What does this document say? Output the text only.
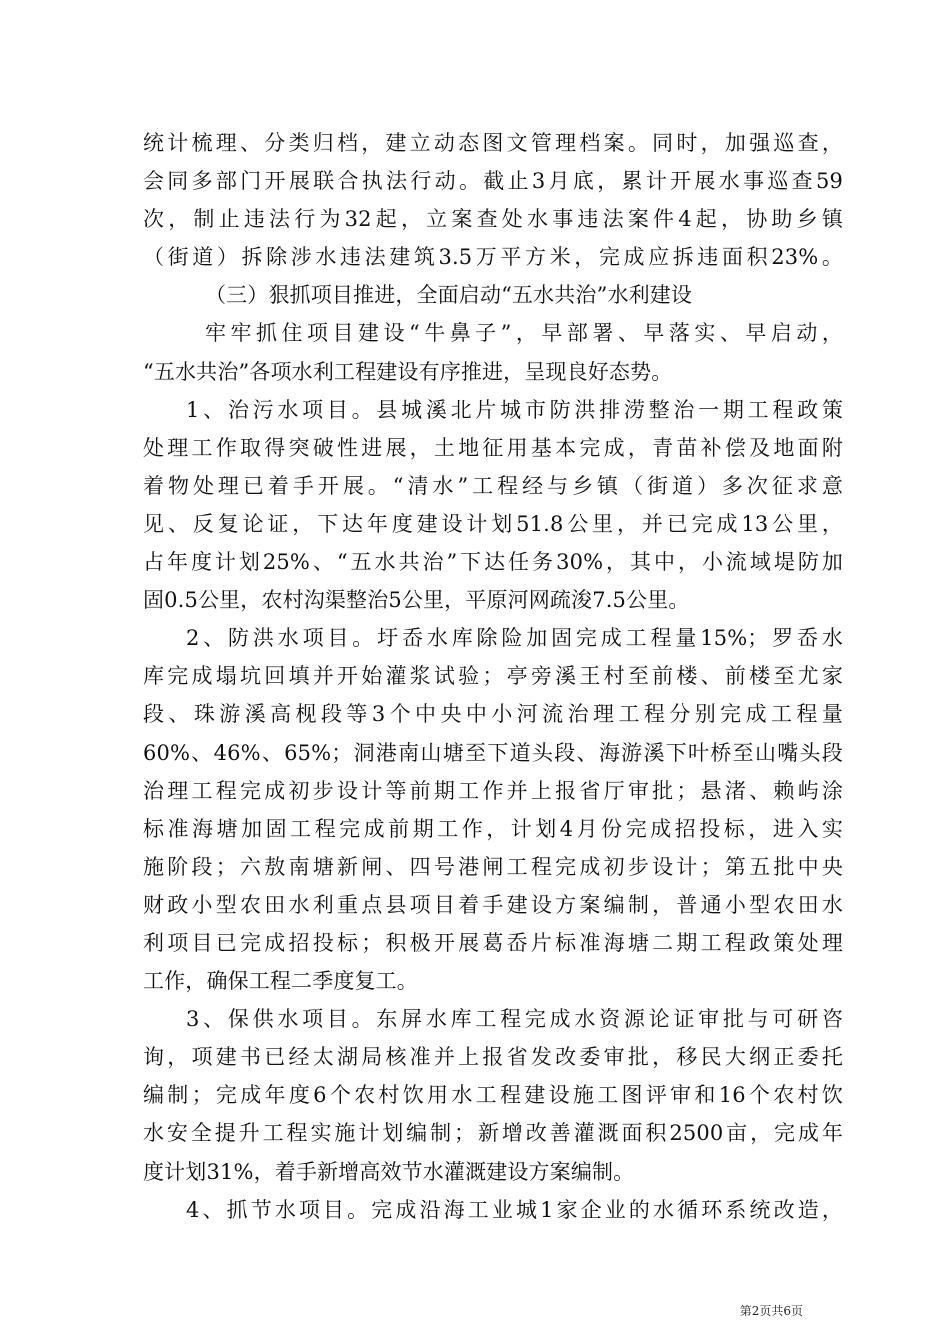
统计梳理、分类归档，建立动态图文管理档案。同时，加强巡查，
会同多部门开展联合执法行动。截止3月底，累计开展水事巡查59
次，制止违法行为32起，立案查处水事违法案件4起，协助乡镇
（街道）拆除涉水违法建筑3.5万平方米，完成应拆违面积23%。
（三）狠抓项目推进，全面启动“五水共治”水利建设
牢牢抓住项目建设“牛鼻子”，早部署、早落实、早启动，
“五水共治”各项水利工程建设有序推进，呈现良好态势。
1、治污水项目。县城溪北片城市防洪排涝整治一期工程政策
处理工作取得突破性进展，土地征用基本完成，青苗补偿及地面附
着物处理已着手开展。“清水”工程经与乡镇（街道）多次征求意
见、反复论证，下达年度建设计划51.8公里，并已完成13公里，
占年度计划25%、“五水共治”下达任务30%，其中，小流域堤防加
固0.5公里，农村沟渠整治5公里，平原河网疏浚7.5公里。
2、防洪水项目。圩岙水库除险加固完成工程量15%；罗岙水
库完成塌坑回填并开始灌浆试验；亭旁溪王村至前楼、前楼至尤家
段、珠游溪高枧段等3个中央中小河流治理工程分别完成工程量
60%、46%、65%；洞港南山塘至下道头段、海游溪下叶桥至山嘴头段
治理工程完成初步设计等前期工作并上报省厅审批；悬渚、赖屿涂
标准海塘加固工程完成前期工作，计划4月份完成招投标，进入实
施阶段；六敖南塘新闸、四号港闸工程完成初步设计；第五批中央
财政小型农田水利重点县项目着手建设方案编制，普通小型农田水
利项目已完成招投标；积极开展葛岙片标准海塘二期工程政策处理
工作，确保工程二季度复工。
3、保供水项目。东屏水库工程完成水资源论证审批与可研咨
询，项建书已经太湖局核准并上报省发改委审批，移民大纲正委托
编制；完成年度6个农村饮用水工程建设施工图评审和16个农村饮
水安全提升工程实施计划编制；新增改善灌溉面积2500亩，完成年
度计划31%，着手新增高效节水灌溉建设方案编制。
4、抓节水项目。完成沿海工业城1家企业的水循环系统改造，
第2页共6页
